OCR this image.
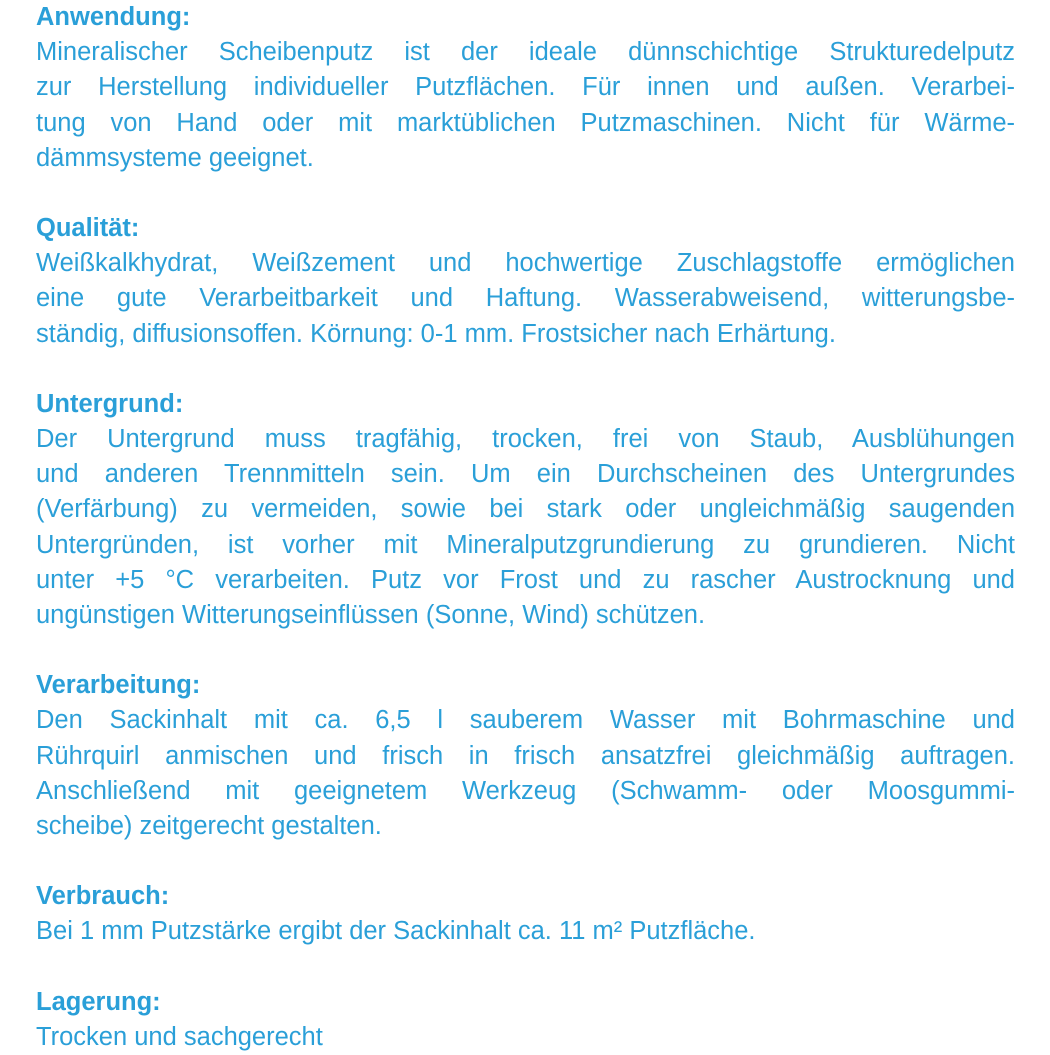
Anwendung:
Mineralischer Scheibenputz ist der ideale dünnschichtige Strukturedelputz
zur Herstellung individueller Putzflächen. Für innen und außen. Verarbei-
tung von Hand oder mit marktüblichen Putzmaschinen. Nicht für Wärme-
dämmsysteme geeignet.
Qualität:
Weißkalkhydrat, Weißzement und hochwertige Zuschlagstoffe ermöglichen
eine gute Verarbeitbarkeit und Haftung. Wasserabweisend, witterungsbe-
ständig, diffusionsoffen. Körnung: 0-1 mm. Frostsicher nach Erhärtung.
Untergrund:
Der Untergrund muss tragfähig, trocken, frei von Staub, Ausblühungen
und anderen Trennmitteln sein. Um ein Durchscheinen des Untergrundes
(Verfärbung) zu vermeiden, sowie bei stark oder ungleichmäßig saugenden
Untergründen, ist vorher mit Mineralputzgrundierung zu grundieren. Nicht
unter +5 °C verarbeiten. Putz vor Frost und zu rascher Austrocknung und
ungünstigen Witterungseinflüssen (Sonne, Wind) schützen.
Verarbeitung:
Den Sackinhalt mit ca. 6,5 l sauberem Wasser mit Bohrmaschine und
Rührquirl anmischen und frisch in frisch ansatzfrei gleichmäßig auftragen.
Anschließend mit geeignetem Werkzeug (Schwamm- oder Moosgummi-
scheibe) zeitgerecht gestalten.
Verbrauch:
Bei 1 mm Putzstärke ergibt der Sackinhalt ca. 11 m² Putzfläche.
Lagerung:
Trocken und sachgerecht
